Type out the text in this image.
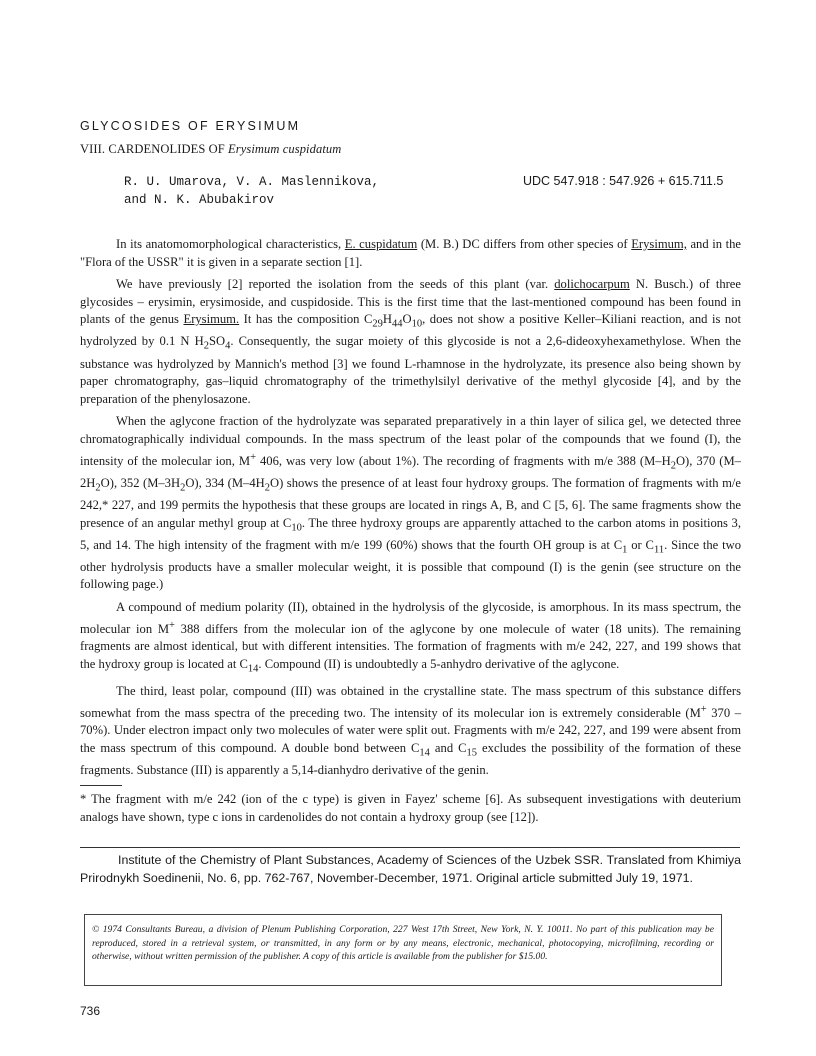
GLYCOSIDES OF ERYSIMUM
VIII. CARDENOLIDES OF Erysimum cuspidatum
R. U. Umarova, V. A. Maslennikova,
and N. K. Abubakirov
UDC 547.918 : 547.926 + 615.711.5

In its anatomomorphological characteristics, E. cuspidatum (M. B.) DC differs from other species of Erysimum, and in the "Flora of the USSR" it is given in a separate section [1].

We have previously [2] reported the isolation from the seeds of this plant (var. dolichocarpum N. Busch.) of three glycosides – erysimin, erysimoside, and cuspidoside. This is the first time that the last-mentioned compound has been found in plants of the genus Erysimum. It has the composition $C_{29}H_{44}O_{10}$, does not show a positive Keller–Kiliani reaction, and is not hydrolyzed by 0.1 N $H_2SO_4$. Consequently, the sugar moiety of this glycoside is not a 2,6-dideoxyhexamethylose. When the substance was hydrolyzed by Mannich's method [3] we found L-rhamnose in the hydrolyzate, its presence also being shown by paper chromatography, gas–liquid chromatography of the trimethylsilyl derivative of the methyl glycoside [4], and by the preparation of the phenylosazone.

When the aglycone fraction of the hydrolyzate was separated preparatively in a thin layer of silica gel, we detected three chromatographically individual compounds. In the mass spectrum of the least polar of the compounds that we found (I), the intensity of the molecular ion, M+ 406, was very low (about 1%). The recording of fragments with m/e 388 $(M-H_2O)$, 370 $(M-2H_2O)$, 352 $(M-3H_2O)$, 334 $(M-4H_2O)$ shows the presence of at least four hydroxy groups. The formation of fragments with m/e 242,* 227, and 199 permits the hypothesis that these groups are located in rings A, B, and C [5, 6]. The same fragments show the presence of an angular methyl group at $C_{10}$. The three hydroxy groups are apparently attached to the carbon atoms in positions 3, 5, and 14. The high intensity of the fragment with m/e 199 (60%) shows that the fourth OH group is at $C_1$ or $C_{11}$. Since the two other hydrolysis products have a smaller molecular weight, it is possible that compound (I) is the genin (see structure on the following page.)

A compound of medium polarity (II), obtained in the hydrolysis of the glycoside, is amorphous. In its mass spectrum, the molecular ion M+ 388 differs from the molecular ion of the aglycone by one molecule of water (18 units). The remaining fragments are almost identical, but with different intensities. The formation of fragments with m/e 242, 227, and 199 shows that the hydroxy group is located at $C_{14}$. Compound (II) is undoubtedly a 5-anhydro derivative of the aglycone.

The third, least polar, compound (III) was obtained in the crystalline state. The mass spectrum of this substance differs somewhat from the mass spectra of the preceding two. The intensity of its molecular ion is extremely considerable (M+ 370 – 70%). Under electron impact only two molecules of water were split out. Fragments with m/e 242, 227, and 199 were absent from the mass spectrum of this compound. A double bond between $C_{14}$ and $C_{15}$ excludes the possibility of the formation of these fragments. Substance (III) is apparently a 5,14-dianhydro derivative of the genin.

* The fragment with m/e 242 (ion of the c type) is given in Fayez' scheme [6]. As subsequent investigations with deuterium analogs have shown, type c ions in cardenolides do not contain a hydroxy group (see [12]).
Institute of the Chemistry of Plant Substances, Academy of Sciences of the Uzbek SSR. Translated from Khimiya Prirodnykh Soedinenii, No. 6, pp. 762-767, November-December, 1971. Original article submitted July 19, 1971.
© 1974 Consultants Bureau, a division of Plenum Publishing Corporation, 227 West 17th Street, New York, N. Y. 10011. No part of this publication may be reproduced, stored in a retrieval system, or transmitted, in any form or by any means, electronic, mechanical, photocopying, microfilming, recording or otherwise, without written permission of the publisher. A copy of this article is available from the publisher for $15.00.
736
